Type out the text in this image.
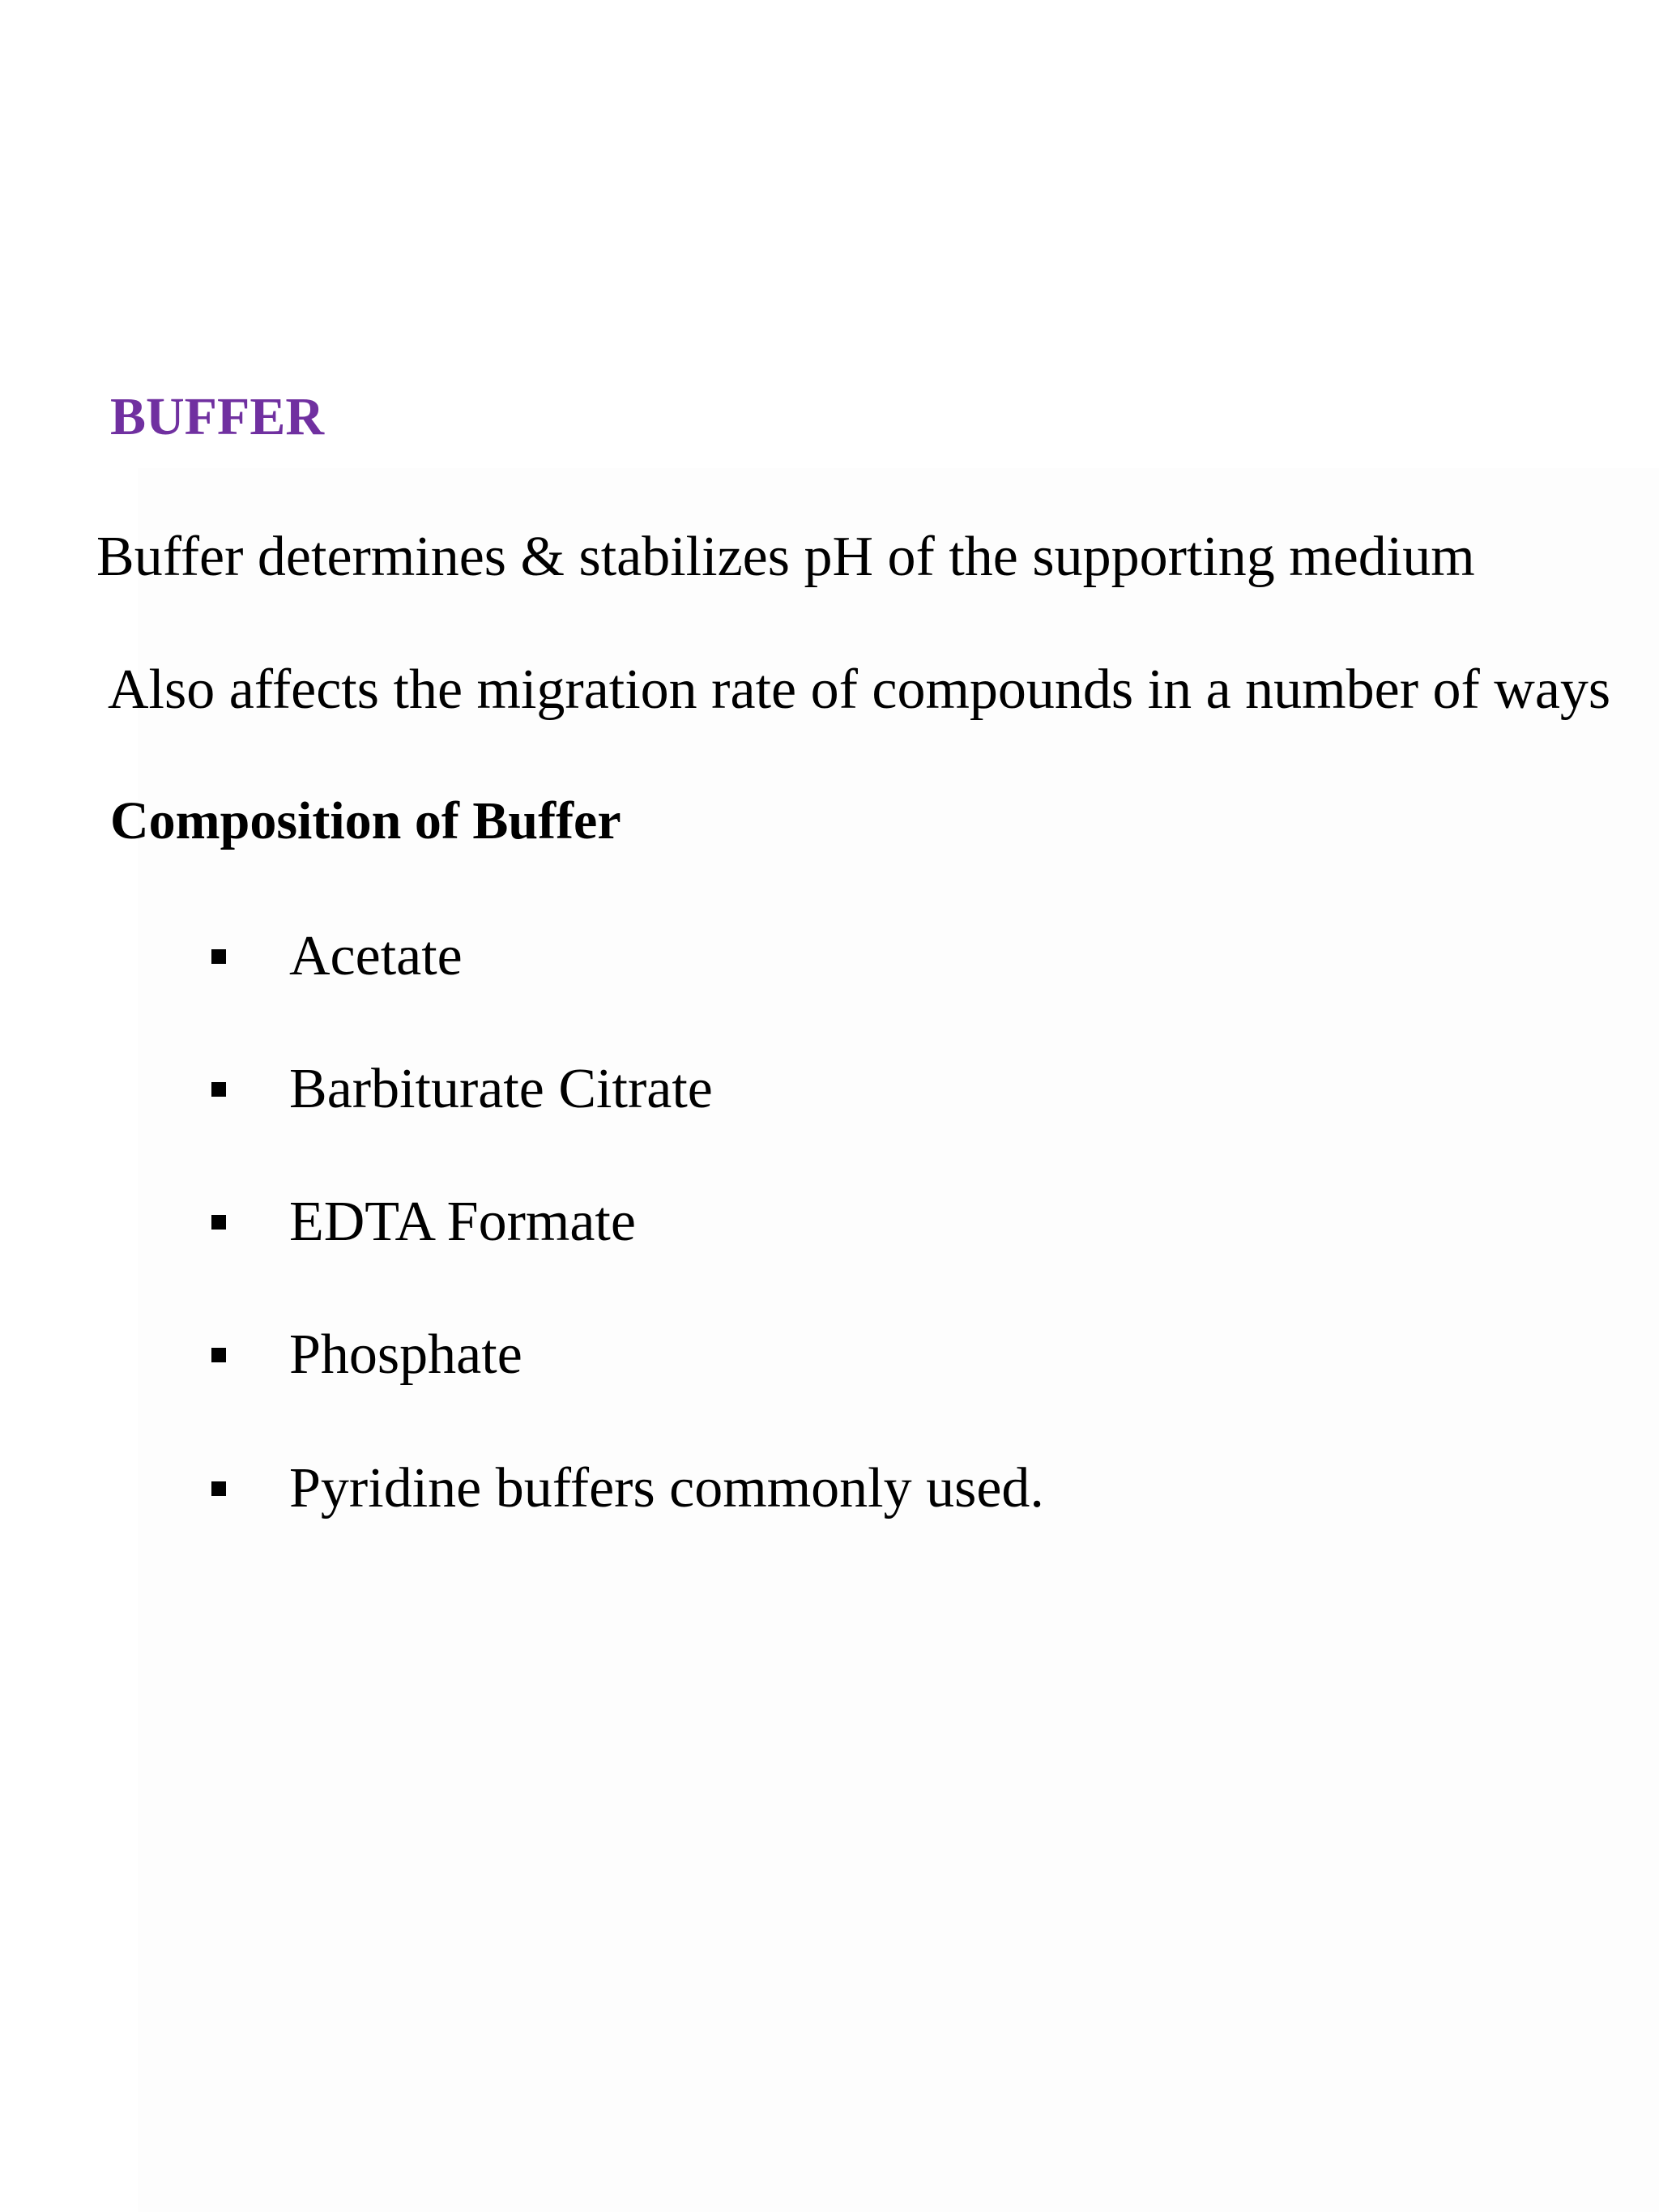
BUFFER
Buffer determines & stabilizes pH of the supporting medium
Also affects the migration rate of compounds in a number of ways
Composition of Buffer
Acetate
Barbiturate Citrate
EDTA Formate
Phosphate
Pyridine buffers commonly used.
